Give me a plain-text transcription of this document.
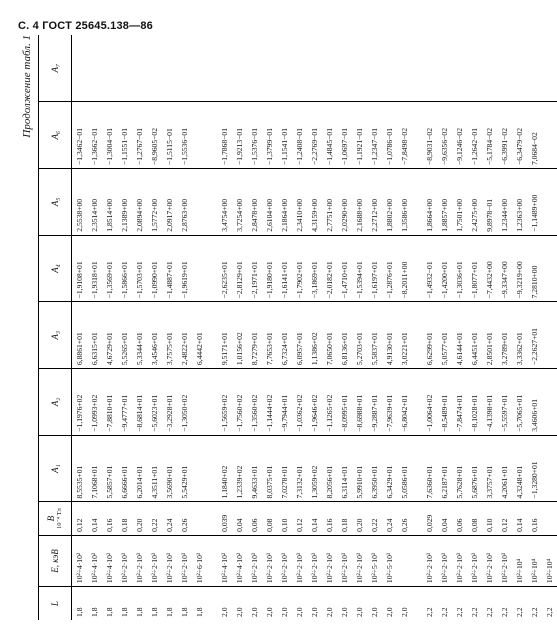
С. 4 ГОСТ 25645.138—86
Продолжение табл. 1
L	E, кэВ	B 10⁻⁴ Тл	A₁	A₂	A₃	A₄	A₅	A₆	A₇
1,8	10²÷4·10²	0,12	8,5535+01	−1,1976+02	6,8861+01	−1,9108+01	2,5538+00	−1,3462−01	
1,8	10²÷4·10²	0,14	7,1068+01	−1,0993+02	6,6315+01	−1,9318+01	2,3514+00	−1,3662−01	
1,8	10²÷4·10²	0,16	5,5857+01	−7,8810+01	4,6729+01	−1,3569+01	1,8514+00	−1,3004−01	
1,8	10²÷2·10³	0,18	6,6666+01	−9,4777+01	5,5265+01	−1,5866+01	2,1389+00	−1,1551−01	
1,8	10²÷2·10³	0,20	6,2014+01	−8,6814+01	5,3344+01	−1,5703+01	2,0894+00	−1,2767−01	
1,8	10²÷2·10³	0,22	4,3511+01	−5,6023+01	3,4546+01	−1,0990+01	1,5772+00	−8,9605−02	
1,8	10²÷2·10³	0,24	3,5690+01	−3,2928+01	3,7575+01	−1,4887+01	2,0917+00	−1,5115−01	
1,8	10²÷2·10³	0,26	5,5429+01	−1,3050+02	2,4822+01	−1,9619+01	2,8763+00	−1,5536−01	
1,8	10²÷6·10³				6,4442+01				

2,0	10²÷4·10²	0,039	1,1840+02	−1,5659+02	9,5171+01	−2,6235+01	3,4754+00	−1,7868−01	
2,0	10²÷4·10²	0,04	1,2339+02	−1,7560+02	1,0156+02	−2,8129+01	3,7254+00	−1,9213−01	
2,0	10²÷2·10³	0,06	9,4633+01	−1,3560+02	8,7279+01	−2,1971+01	2,8478+00	−1,5376−01	
2,0	10²÷2·10³	0,08	8,0375+01	−1,1444+02	7,7653+01	−1,9180+01	2,6104+00	−1,3799−01	
2,0	10²÷2·10³	0,10	7,0278+01	−9,7944+01	6,7324+01	−1,6141+01	2,1864+00	−1,1541−01	
2,0	10²÷2·10³	0,12	7,3132+01	−1,0362+02	6,0957+01	−1,7902+01	2,3410+00	−1,2408−01	
2,0	10²÷2·10³	0,14	1,3059+02	−1,9646+02	1,1386+02	−3,1869+01	4,3159+00	−2,2769−01	
2,0	10²÷2·10³	0,16	8,2056+01	−1,1265+02	7,0650+01	−2,0182+01	2,7751+00	−1,4845−01	
2,0	10²÷2·10³	0,18	6,3114+01	−8,0995+01	6,8136+01	−1,4710+01	2,0290+00	−1,0697−01	
2,0	10²÷2·10³	0,20	5,9910+01	−8,6988+01	5,2703+01	−1,5394+01	2,1688+00	−1,1921−01	
2,0	10²÷5·10³	0,22	6,3950+01	−9,2887+01	5,5837+01	−1,6197+01	2,2712+00	−1,2347−01	
2,0	10²÷5·10³	0,24	6,3429+01	−7,9639+01	4,9130+01	−1,2876+01	1,8802+00	−1,0786−01	
2,0		0,26	5,0586+01	−6,8042+01	3,0221+01	−8,2011+00	1,3586+00	−7,8498−02	

2,2	10²÷2·10³	0,029	7,6360+01	−1,0064+02	6,6299+01	−1,4932−01	1,8664+00	−8,9031−02	
2,2	10²÷2·10³	0,04	6,2187+01	−8,5489+01	5,0577+01	−1,4200+01	1,8857+00	−9,6356−02	
2,2	10²÷2·10³	0,06	5,7628+01	−7,8474+01	4,6144+01	−1,3036+01	1,7501+00	−9,1246−02	
2,2	10²÷2·10³	0,08	5,6876+01	−8,1028+01	6,4451+01	−1,8077+01	2,4275+00	−1,2642−01	
2,2	10²÷2·10³	0,10	3,3757+01	−4,1398+01	2,8501+01	−7,4432+00	9,8978−01	−5,1784−02	
2,2	10²÷2·10³	0,12	4,2061+01	−5,5597+01	3,2789+01	−9,3347+00	1,2344+00	−6,3991−02	
2,2	10²÷10⁴	0,14	4,3248+01	−5,7065+01	3,3362+01	−9,3219+00	1,2363+00	−6,3479−02	
2,2	10²÷10⁴	0,16	−1,3280+01	3,4606+01	−2,2627+01	7,2810+00	−1,1489+00	7,0684−02	
2,2	10²÷10⁴								
